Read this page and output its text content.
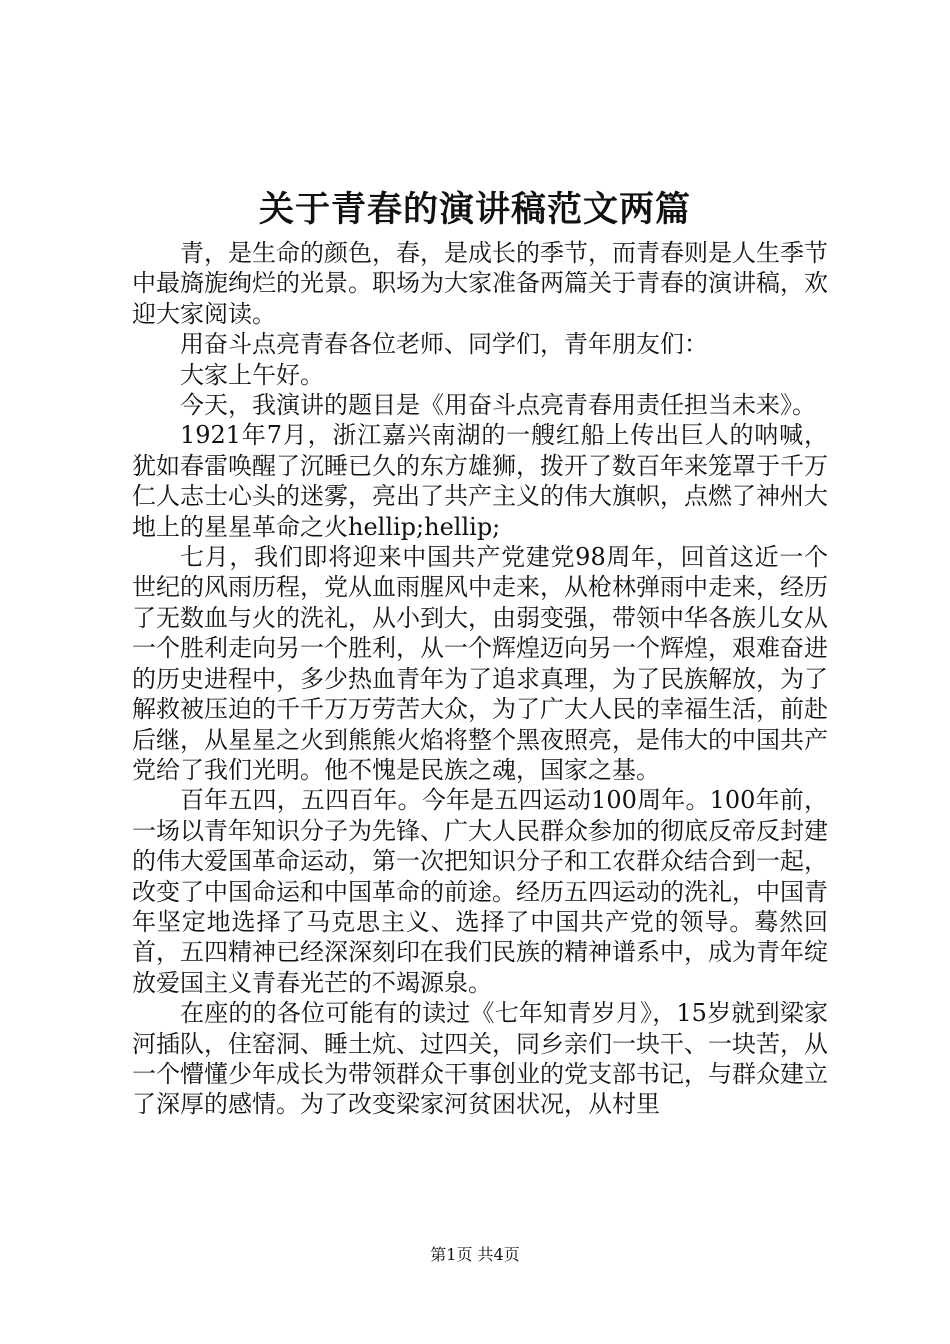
关于青春的演讲稿范文两篇

青，是生命的颜色，春，是成长的季节，而青春则是人生季节中最旖旎绚烂的光景。职场为大家准备两篇关于青春的演讲稿，欢迎大家阅读。

用奋斗点亮青春各位老师、同学们，青年朋友们：

大家上午好。

今天，我演讲的题目是《用奋斗点亮青春用责任担当未来》。

1921年7月，浙江嘉兴南湖的一艘红船上传出巨人的呐喊，犹如春雷唤醒了沉睡已久的东方雄狮，拨开了数百年来笼罩于千万仁人志士心头的迷雾，亮出了共产主义的伟大旗帜，点燃了神州大地上的星星革命之火hellip;hellip;

七月，我们即将迎来中国共产党建党98周年，回首这近一个世纪的风雨历程，党从血雨腥风中走来，从枪林弹雨中走来，经历了无数血与火的洗礼，从小到大，由弱变强，带领中华各族儿女从一个胜利走向另一个胜利，从一个辉煌迈向另一个辉煌，艰难奋进的历史进程中，多少热血青年为了追求真理，为了民族解放，为了解救被压迫的千千万万劳苦大众，为了广大人民的幸福生活，前赴后继，从星星之火到熊熊火焰将整个黑夜照亮，是伟大的中国共产党给了我们光明。他不愧是民族之魂，国家之基。

百年五四，五四百年。今年是五四运动100周年。100年前，一场以青年知识分子为先锋、广大人民群众参加的彻底反帝反封建的伟大爱国革命运动，第一次把知识分子和工农群众结合到一起，改变了中国命运和中国革命的前途。经历五四运动的洗礼，中国青年坚定地选择了马克思主义、选择了中国共产党的领导。蓦然回首，五四精神已经深深刻印在我们民族的精神谱系中，成为青年绽放爱国主义青春光芒的不竭源泉。

在座的的各位可能有的读过《七年知青岁月》，15岁就到梁家河插队，住窑洞、睡土炕、过四关，同乡亲们一块干、一块苦，从一个懵懂少年成长为带领群众干事创业的党支部书记，与群众建立了深厚的感情。为了改变梁家河贫困状况，从村里

第1页 共4页
